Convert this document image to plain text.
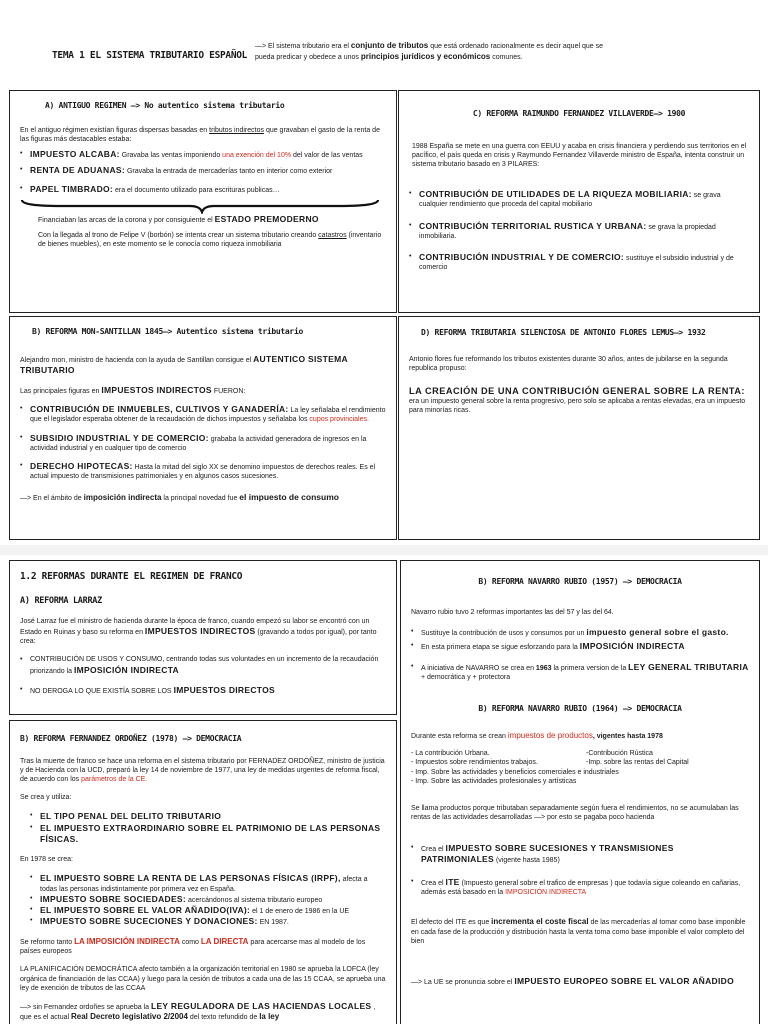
TEMA 1 EL SISTEMA TRIBUTARIO ESPAÑOL
—> El sistema tributario era el conjunto de tributos que está ordenado racionalmente es decir aquel que se pueda predicar y obedece a unos principios jurídicos y económicos comunes.
A) ANTIGUO REGIMEN —> No autentico sistema tributario
En el antiguo régimen existían figuras dispersas basadas en tributos indirectos que gravaban el gasto de la renta de las figuras más destacables estaba:
• IMPUESTO ALCABA: Gravaba las ventas imponiendo una exención del 10% del valor de las ventas
• RENTA DE ADUANAS: Gravaba la entrada de mercaderías tanto en interior como exterior
• PAPEL TIMBRADO: era el documento utilizado para escrituras publicas…
Financiaban las arcas de la corona y por consiguiente el ESTADO PREMODERNO
Con la llegada al trono de Felipe V (borbón) se intenta crear un sistema tributario creando catastros (inventario de bienes muebles), en este momento se le conocía como riqueza inmobiliaria
C) REFORMA RAIMUNDO FERNANDEZ VILLAVERDE—> 1900
1988 España se mete en una guerra con EEUU y acaba en crisis financiera y perdiendo sus territorios en el pacífico, el país queda en crisis y Raymundo Fernandez Villaverde ministro de España, intenta construir un sistema tributario basado en 3 PILARES:
• CONTRIBUCIÓN DE UTILIDADES DE LA RIQUEZA MOBILIARIA: se grava cualquier rendimiento que proceda del capital mobiliario
• CONTRIBUCIÓN TERRITORIAL RUSTICA Y URBANA: se grava la propiedad inmobiliaria.
• CONTRIBUCIÓN INDUSTRIAL Y DE COMERCIO: sustituye el subsidio industrial y de comercio
B) REFORMA MON-SANTILLAN 1845—> Autentico sistema tributario
Alejandro mon, ministro de hacienda con la ayuda de Santillan consigue el AUTENTICO SISTEMA TRIBUTARIO
Las principales figuras en IMPUESTOS INDIRECTOS FUERON:
• CONTRIBUCIÓN DE INMUEBLES, CULTIVOS Y GANADERÍA: La ley señalaba el rendimiento que el legislador esperaba obtener de la recaudación de dichos impuestos y señalaba los cupos provinciales.
• SUBSIDIO INDUSTRIAL Y DE COMERCIO: grababa la actividad generadora de ingresos en la actividad industrial y en cualquier tipo de comercio
• DERECHO HIPOTECAS: Hasta la mitad del siglo XX se denomino impuestos de derechos reales. Es el actual impuesto de transmisiones patrimoniales y en algunos casos sucesiones.
—> En el ámbito de imposición indirecta la principal novedad fue el impuesto de consumo
D) REFORMA TRIBUTARIA SILENCIOSA DE ANTONIO FLORES LEMUS—> 1932
Antonio flores fue reformando los tributos existentes durante 30 años, antes de jubilarse en la segunda republica propuso:
LA CREACIÓN DE UNA CONTRIBUCIÓN GENERAL SOBRE LA RENTA: era un impuesto general sobre la renta progresivo, pero solo se aplicaba a rentas elevadas, era un impuesto para minorías ricas.
1.2 REFORMAS DURANTE EL REGIMEN DE FRANCO
A) REFORMA LARRAZ
José Larraz fue el ministro de hacienda durante la época de franco, cuando empezó su labor se encontró con un Estado en Ruinas y baso su reforma en IMPUESTOS INDIRECTOS (gravando a todos por igual), por tanto crea:
•	CONTRIBUCIÓN DE USOS Y CONSUMO, centrando todas sus voluntades en un incremento de la recaudación priorizando la IMPOSICIÓN INDIRECTA
•	NO DEROGA LO QUE EXISTÍA SOBRE LOS IMPUESTOS DIRECTOS
B) REFORMA NAVARRO RUBIO (1957) —> DEMOCRACIA
Navarro rubio tuvo 2 reformas importantes las del 57 y las del 64.
•	Sustituye la contribución de usos y consumos por un impuesto general sobre el gasto.
•	En esta primera etapa se sigue esforzando para la IMPOSICIÓN INDIRECTA
•	A iniciativa de NAVARRO se crea en 1963 la primera version de la LEY GENERAL TRIBUTARIA + democrática y + protectora
B) REFORMA FERNANDEZ ORDOÑEZ (1978) —> DEMOCRACIA
Tras la muerte de franco se hace una reforma en el sistema tributario por FERNADEZ ORDOÑEZ, ministro de justicia y de Hacienda con la UCD, preparó la ley 14 de noviembre de 1977, una ley de medidas urgentes de reforma fiscal, de acuerdo con los parámetros de la CE.
Se crea y utiliza:
• EL TIPO PENAL DEL DELITO TRIBUTARIO
• EL IMPUESTO EXTRAORDINARIO SOBRE EL PATRIMONIO DE LAS PERSONAS FÍSICAS.
En 1978 se crea:
• EL IMPUESTO SOBRE LA RENTA DE LAS PERSONAS FÍSICAS (IRPF), afecta a todas las personas indistintamente por primera vez en España.
• IMPUESTO SOBRE SOCIEDADES: acercándonos al sistema tributario europeo
• EL IMPUESTO SOBRE EL VALOR AÑADIDO(IVA): el 1 de enero de 1986 en la UE
• IMPUESTO SOBRE SUCECIONES Y DONACIONES: EN 1987.
Se reformo tanto LA IMPOSICIÓN INDIRECTA como LA DIRECTA para acercarse mas al modelo de los países europeos
LA PLANIFICACIÓN DEMOCRÁTICA afecto también a la organización territorial en 1980 se aprueba la LOFCA (ley orgánica de financiación de las CCAA) y luego para la cesión de tributos a cada una de las 15 CCAA, se aprueba una ley de exención de tributos de las CCAA
—> sin Fernandez ordoñes se aprueba la LEY REGULADORA DE LAS HACIENDAS LOCALES , que es el actual Real Decreto legislativo 2/2004 del texto refundido de la ley
B) REFORMA NAVARRO RUBIO (1964) —> DEMOCRACIA
Durante esta reforma se crean impuestos de productos, vigentes hasta 1978
- La contribución Urbana.	-Contribución Rústica
- Impuestos sobre rendimientos trabajos.	-Imp. sobre las rentas del Capital
- Imp. Sobre las actividades y beneficios comerciales e industriales
- Imp. Sobre las actividades profesionales y artísticas
Se llama productos porque tributaban separadamente según fuera el rendimientos, no se acumulaban las rentas de las actividades desarrolladas —> por esto se pagaba poco hacienda
•	Crea el IMPUESTO SOBRE SUCESIONES Y TRANSMISIONES PATRIMONIALES (vigente hasta 1985)
•	Crea el ITE (Impuesto general sobre el trafico de empresas ) que todavía sigue coleando en cañarias, además está basado en la IMPOSICIÓN INDIRECTA
El defecto del ITE es que incrementa el coste fiscal de las mercaderías al tomar como base imponible en cada fase de la producción y distribución hasta la venta toma como base imponible el valor completo del bien
—> La UE se pronuncia sobre el IMPUESTO EUROPEO SOBRE EL VALOR AÑADIDO
